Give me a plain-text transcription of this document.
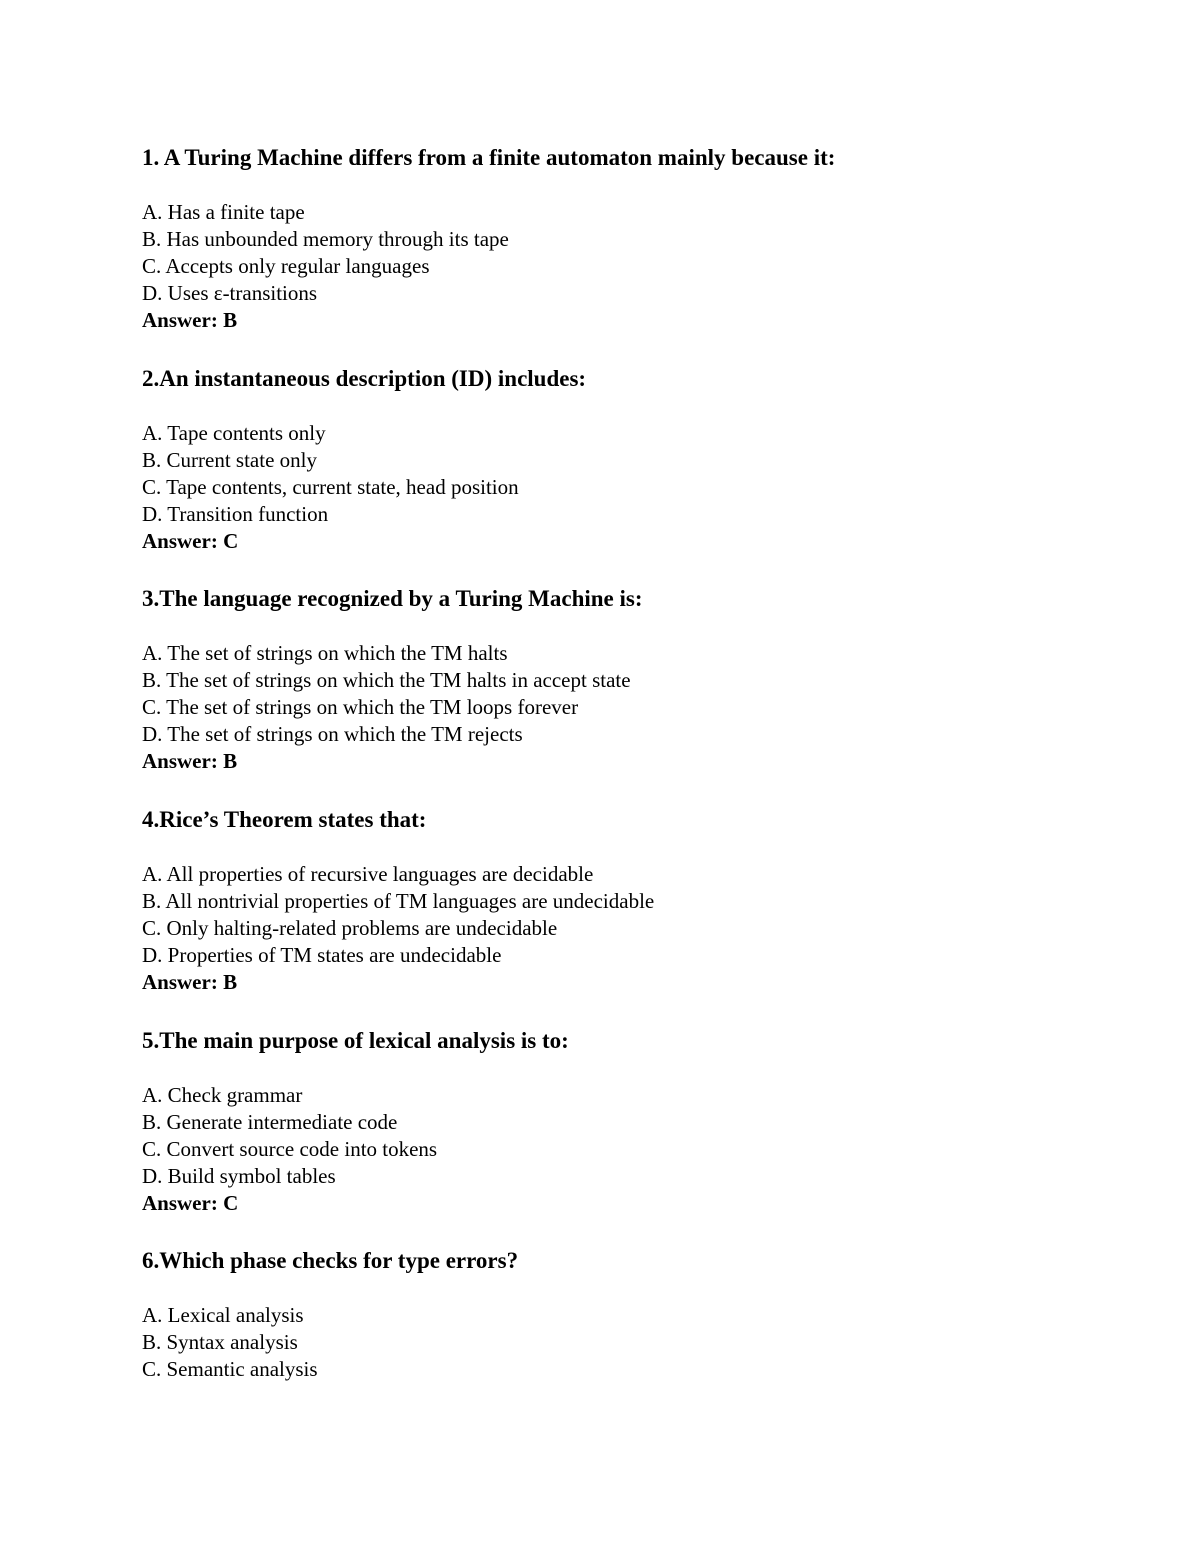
1. A Turing Machine differs from a finite automaton mainly because it:

A. Has a finite tape

B. Has unbounded memory through its tape

C. Accepts only regular languages

D. Uses ε-transitions

Answer: B

2.An instantaneous description (ID) includes:

A. Tape contents only

B. Current state only

C. Tape contents, current state, head position

D. Transition function

Answer: C

3.The language recognized by a Turing Machine is:

A. The set of strings on which the TM halts

B. The set of strings on which the TM halts in accept state

C. The set of strings on which the TM loops forever

D. The set of strings on which the TM rejects

Answer: B

4.Rice’s Theorem states that:

A. All properties of recursive languages are decidable

B. All nontrivial properties of TM languages are undecidable

C. Only halting-related problems are undecidable

D. Properties of TM states are undecidable

Answer: B

5.The main purpose of lexical analysis is to:

A. Check grammar

B. Generate intermediate code

C. Convert source code into tokens

D. Build symbol tables

Answer: C

6.Which phase checks for type errors?

A. Lexical analysis

B. Syntax analysis

C. Semantic analysis
